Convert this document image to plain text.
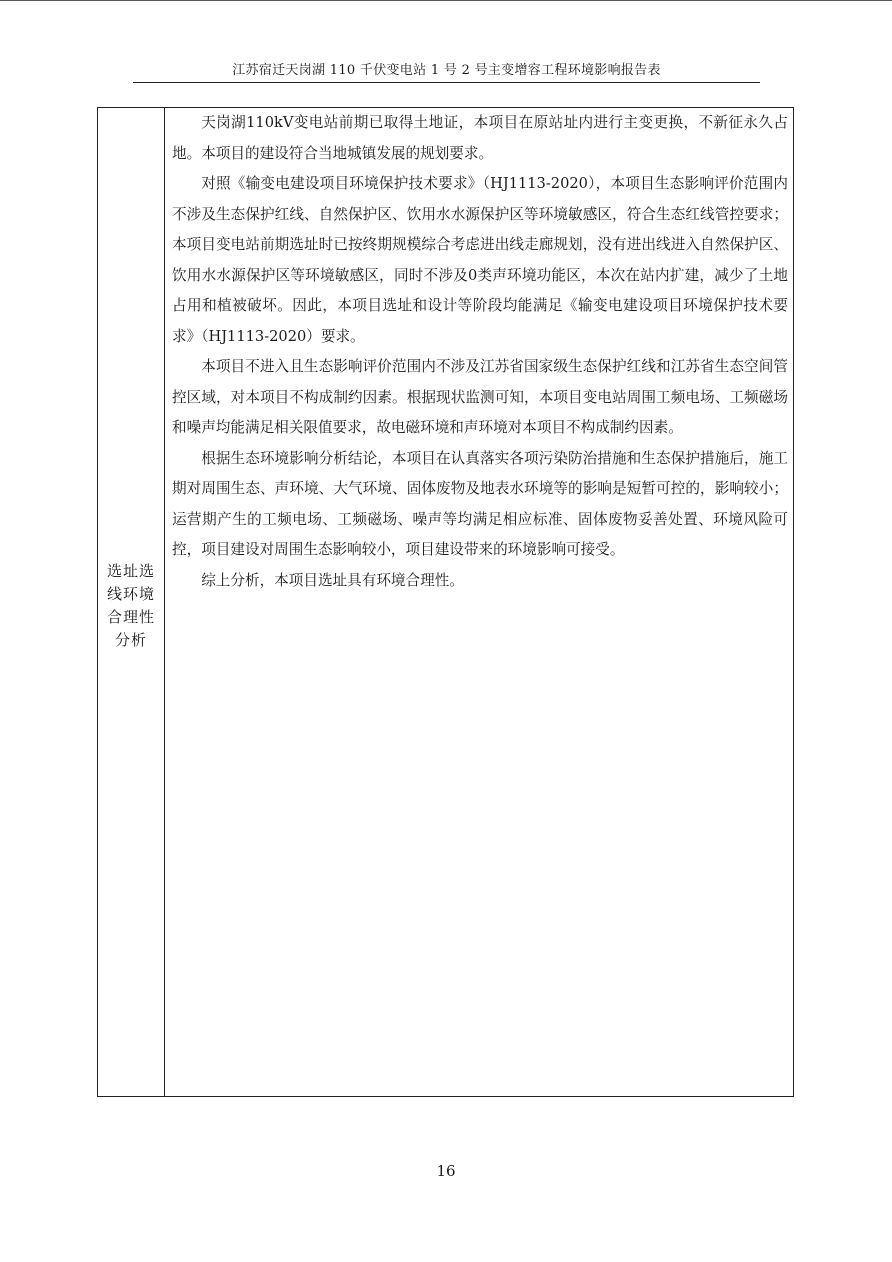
江苏宿迁天岗湖 110 千伏变电站 1 号 2 号主变增容工程环境影响报告表
选址选线环境合理性分析

天岗湖110kV变电站前期已取得土地证，本项目在原站址内进行主变更换，不新征永久占地。本项目的建设符合当地城镇发展的规划要求。

对照《输变电建设项目环境保护技术要求》（HJ1113-2020），本项目生态影响评价范围内不涉及生态保护红线、自然保护区、饮用水水源保护区等环境敏感区，符合生态红线管控要求；本项目变电站前期选址时已按终期规模综合考虑进出线走廊规划，没有进出线进入自然保护区、饮用水水源保护区等环境敏感区，同时不涉及0类声环境功能区，本次在站内扩建，减少了土地占用和植被破坏。因此，本项目选址和设计等阶段均能满足《输变电建设项目环境保护技术要求》（HJ1113-2020）要求。

本项目不进入且生态影响评价范围内不涉及江苏省国家级生态保护红线和江苏省生态空间管控区域，对本项目不构成制约因素。根据现状监测可知，本项目变电站周围工频电场、工频磁场和噪声均能满足相关限值要求，故电磁环境和声环境对本项目不构成制约因素。

根据生态环境影响分析结论，本项目在认真落实各项污染防治措施和生态保护措施后，施工期对周围生态、声环境、大气环境、固体废物及地表水环境等的影响是短暂可控的，影响较小；运营期产生的工频电场、工频磁场、噪声等均满足相应标准、固体废物妥善处置、环境风险可控，项目建设对周围生态影响较小，项目建设带来的环境影响可接受。

综上分析，本项目选址具有环境合理性。

16
